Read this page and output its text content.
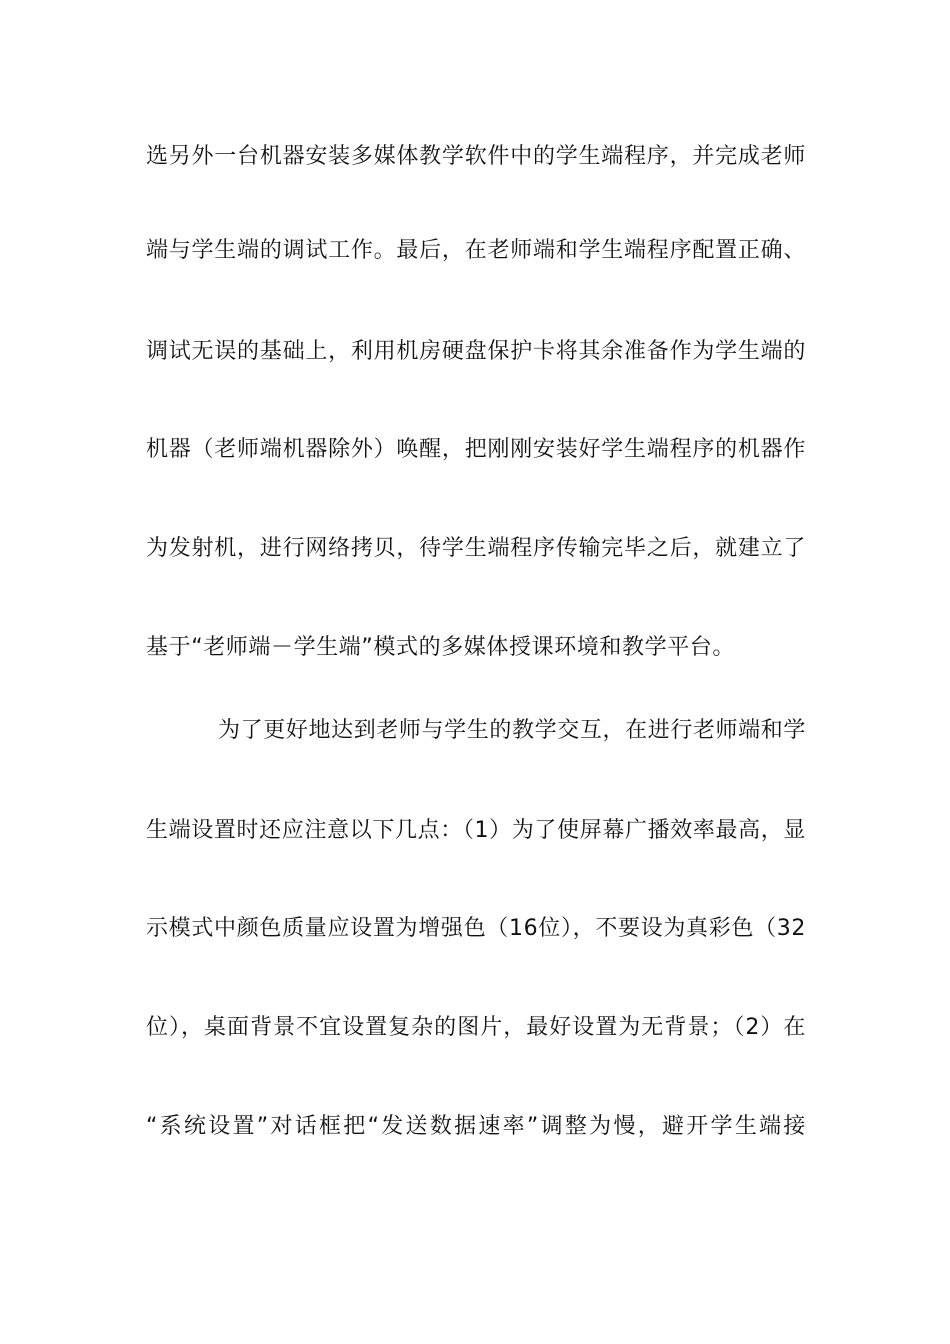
选另外一台机器安装多媒体教学软件中的学生端程序，并完成老师
端与学生端的调试工作。最后，在老师端和学生端程序配置正确、
调试无误的基础上，利用机房硬盘保护卡将其余准备作为学生端的
机器（老师端机器除外）唤醒，把刚刚安装好学生端程序的机器作
为发射机，进行网络拷贝，待学生端程序传输完毕之后，就建立了
基于“老师端－学生端”模式的多媒体授课环境和教学平台。
为了更好地达到老师与学生的教学交互，在进行老师端和学
生端设置时还应注意以下几点：（1）为了使屏幕广播效率最高，显
示模式中颜色质量应设置为增强色（16位），不要设为真彩色（32
位），桌面背景不宜设置复杂的图片，最好设置为无背景；（2）在
“系统设置”对话框把“发送数据速率”调整为慢，避开学生端接
